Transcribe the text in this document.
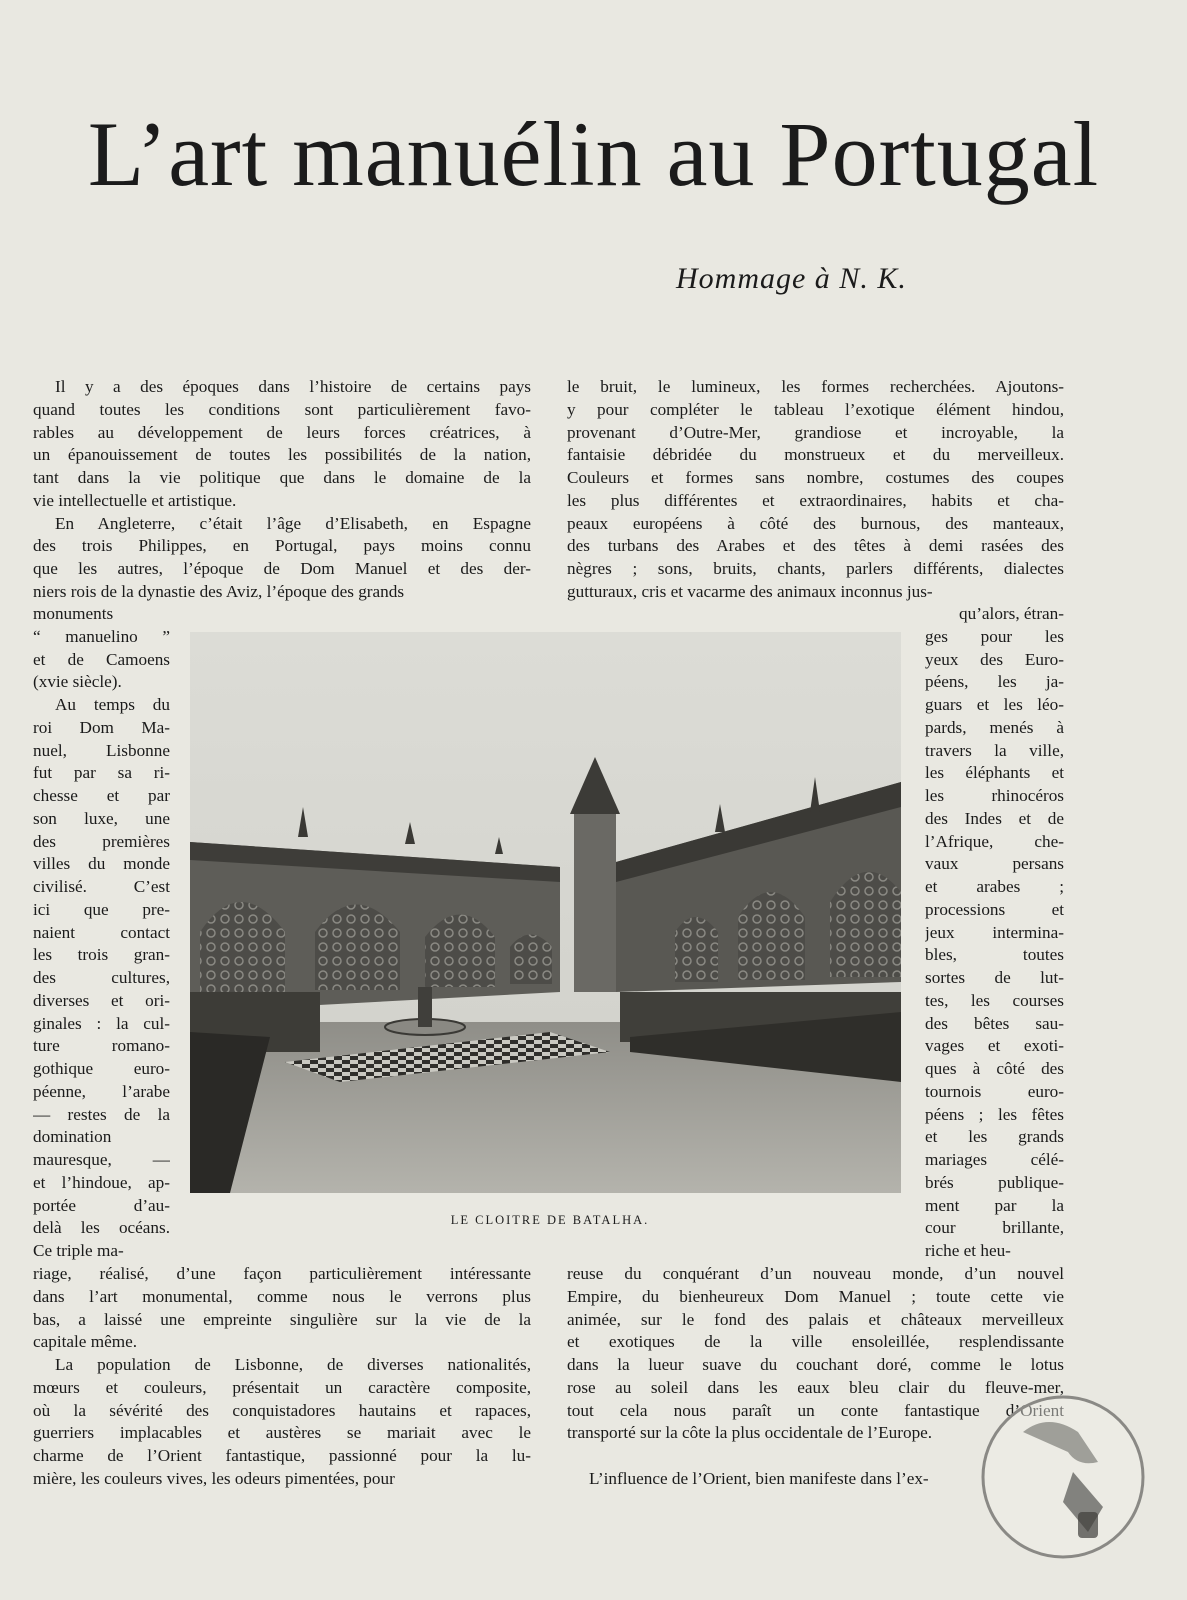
L’art manuélin au Portugal

Hommage à N. K.

Il y a des époques dans l’histoire de certains pays
quand toutes les conditions sont particulièrement favo-
rables au développement de leurs forces créatrices, à
un épanouissement de toutes les possibilités de la nation,
tant dans la vie politique que dans le domaine de la
vie intellectuelle et artistique.
En Angleterre, c’était l’âge d’Elisabeth, en Espagne
des trois Philippes, en Portugal, pays moins connu
que les autres, l’époque de Dom Manuel et des der-
niers rois de la dynastie des Aviz, l’époque des grands
monuments
“ manuelino ”
et de Camoens
(xvie siècle).
Au temps du
roi Dom Ma-
nuel, Lisbonne
fut par sa ri-
chesse et par
son luxe, une
des premières
villes du monde
civilisé. C’est
ici que pre-
naient contact
les trois gran-
des cultures,
diverses et ori-
ginales : la cul-
ture romano-
gothique euro-
péenne, l’arabe
— restes de la
domination
mauresque, —
et l’hindoue, ap-
portée d’au-
delà les océans.
Ce triple ma-
riage, réalisé, d’une façon particulièrement intéressante
dans l’art monumental, comme nous le verrons plus
bas, a laissé une empreinte singulière sur la vie de la
capitale même.
La population de Lisbonne, de diverses nationalités,
mœurs et couleurs, présentait un caractère composite,
où la sévérité des conquistadores hautains et rapaces,
guerriers implacables et austères se mariait avec le
charme de l’Orient fantastique, passionné pour la lu-
mière, les couleurs vives, les odeurs pimentées, pour
le bruit, le lumineux, les formes recherchées. Ajoutons-
y pour compléter le tableau l’exotique élément hindou,
provenant d’Outre-Mer, grandiose et incroyable, la
fantaisie débridée du monstrueux et du merveilleux.
Couleurs et formes sans nombre, costumes des coupes
les plus différentes et extraordinaires, habits et cha-
peaux européens à côté des burnous, des manteaux,
des turbans des Arabes et des têtes à demi rasées des
nègres ; sons, bruits, chants, parlers différents, dialectes
gutturaux, cris et vacarme des animaux inconnus jus-
qu’alors, étran-
ges pour les
yeux des Euro-
péens, les ja-
guars et les léo-
pards, menés à
travers la ville,
les éléphants et
les rhinocéros
des Indes et de
l’Afrique, che-
vaux persans
et arabes ;
processions et
jeux intermina-
bles, toutes
sortes de lut-
tes, les courses
des bêtes sau-
vages et exoti-
ques à côté des
tournois euro-
péens ; les fêtes
et les grands
mariages célé-
brés publique-
ment par la
cour brillante,
riche et heu-
reuse du conquérant d’un nouveau monde, d’un nouvel
Empire, du bienheureux Dom Manuel ; toute cette vie
animée, sur le fond des palais et châteaux merveilleux
et exotiques de la ville ensoleillée, resplendissante
dans la lueur suave du couchant doré, comme le lotus
rose au soleil dans les eaux bleu clair du fleuve-mer,
tout cela nous paraît un conte fantastique d’Orient
transporté sur la côte la plus occidentale de l’Europe.
L’influence de l’Orient, bien manifeste dans l’ex-

LE CLOITRE DE BATALHA.
